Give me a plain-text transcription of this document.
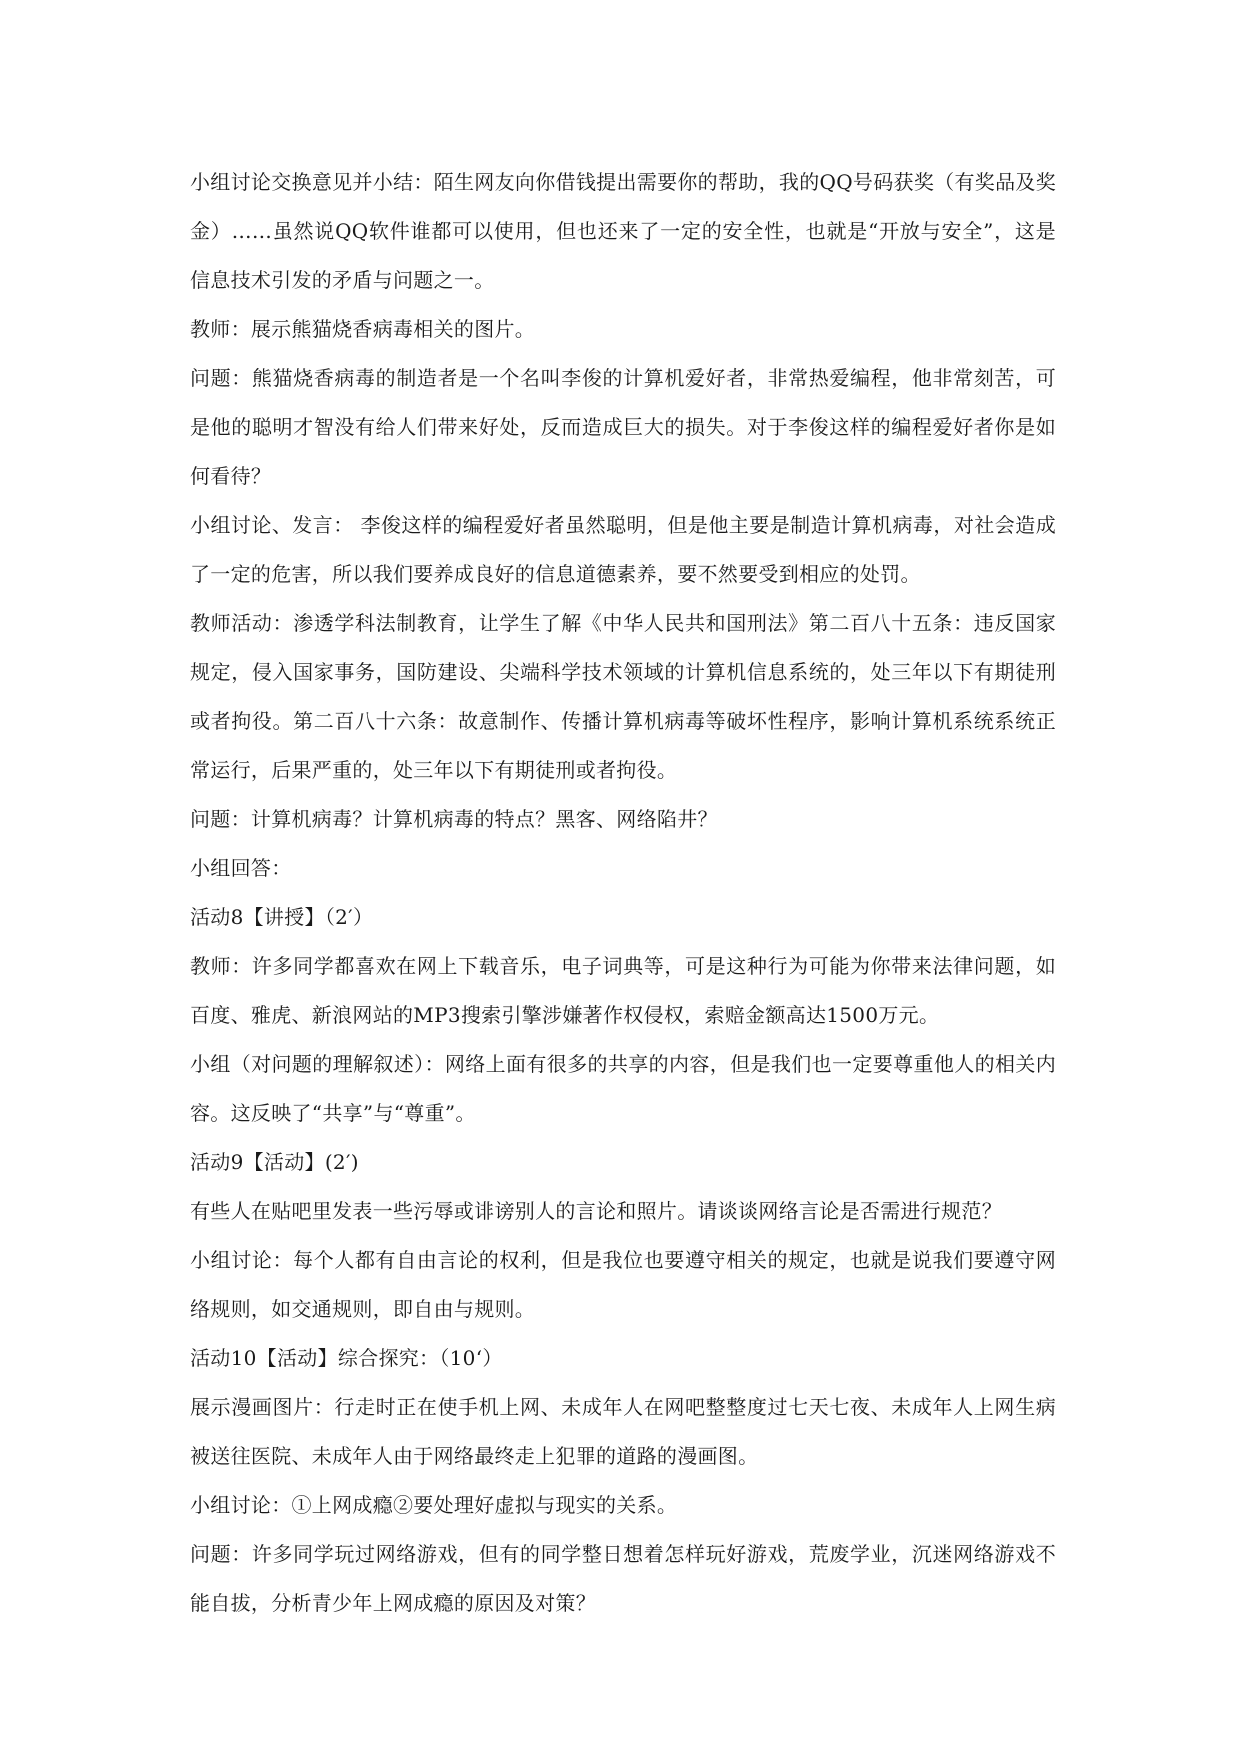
小组讨论交换意见并小结：陌生网友向你借钱提出需要你的帮助，我的QQ号码获奖（有奖品及奖金）……虽然说QQ软件谁都可以使用，但也还来了一定的安全性，也就是“开放与安全”，这是信息技术引发的矛盾与问题之一。

教师：展示熊猫烧香病毒相关的图片。

问题：熊猫烧香病毒的制造者是一个名叫李俊的计算机爱好者，非常热爱编程，他非常刻苦，可是他的聪明才智没有给人们带来好处，反而造成巨大的损失。对于李俊这样的编程爱好者你是如何看待？

小组讨论、发言： 李俊这样的编程爱好者虽然聪明，但是他主要是制造计算机病毒，对社会造成了一定的危害，所以我们要养成良好的信息道德素养，要不然要受到相应的处罚。

教师活动：渗透学科法制教育，让学生了解《中华人民共和国刑法》第二百八十五条：违反国家规定，侵入国家事务，国防建设、尖端科学技术领域的计算机信息系统的，处三年以下有期徒刑或者拘役。第二百八十六条：故意制作、传播计算机病毒等破坏性程序，影响计算机系统系统正常运行，后果严重的，处三年以下有期徒刑或者拘役。

问题：计算机病毒？计算机病毒的特点？黑客、网络陷井？

小组回答：

活动8【讲授】（2′）

教师：许多同学都喜欢在网上下载音乐，电子词典等，可是这种行为可能为你带来法律问题，如百度、雅虎、新浪网站的MP3搜索引擎涉嫌著作权侵权，索赔金额高达1500万元。

小组（对问题的理解叙述）：网络上面有很多的共享的内容，但是我们也一定要尊重他人的相关内容。这反映了“共享”与“尊重”。

活动9【活动】(2′)

有些人在贴吧里发表一些污辱或诽谤别人的言论和照片。请谈谈网络言论是否需进行规范？

小组讨论：每个人都有自由言论的权利，但是我位也要遵守相关的规定，也就是说我们要遵守网络规则，如交通规则，即自由与规则。

活动10【活动】综合探究：（10‘）

展示漫画图片：行走时正在使手机上网、未成年人在网吧整整度过七天七夜、未成年人上网生病被送往医院、未成年人由于网络最终走上犯罪的道路的漫画图。

小组讨论：①上网成瘾②要处理好虚拟与现实的关系。

问题：许多同学玩过网络游戏，但有的同学整日想着怎样玩好游戏，荒废学业，沉迷网络游戏不能自拔，分析青少年上网成瘾的原因及对策？
